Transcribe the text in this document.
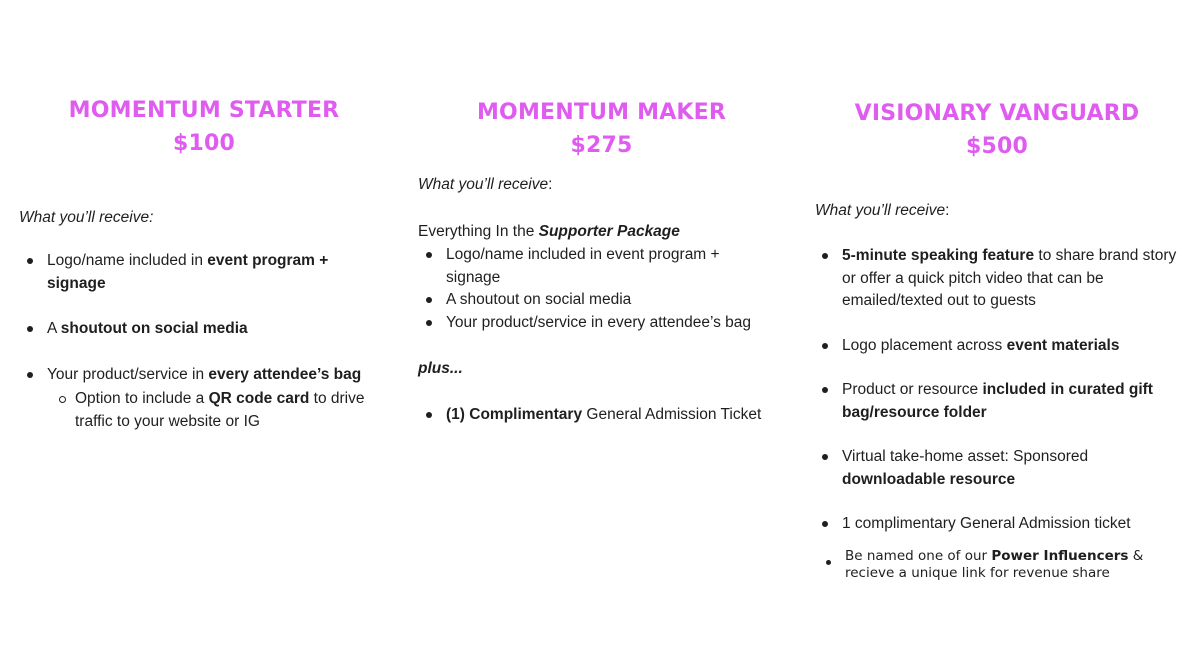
MOMENTUM STARTER
$100
What you’ll receive:
Logo/name included in event program + signage
A shoutout on social media
Your product/service in every attendee’s bag
Option to include a QR code card to drive traffic to your website or IG
MOMENTUM MAKER
$275
What you’ll receive:
Everything In the Supporter Package
Logo/name included in event program + signage
A shoutout on social media
Your product/service in every attendee’s bag
plus...
(1) Complimentary General Admission Ticket
VISIONARY VANGUARD
$500
What you’ll receive:
5-minute speaking feature to share brand story or offer a quick pitch video that can be emailed/texted out to guests
Logo placement across event materials
Product or resource included in curated gift bag/resource folder
Virtual take-home asset: Sponsored downloadable resource
1 complimentary General Admission ticket
Be named one of our Power Influencers & recieve a unique link for revenue share
